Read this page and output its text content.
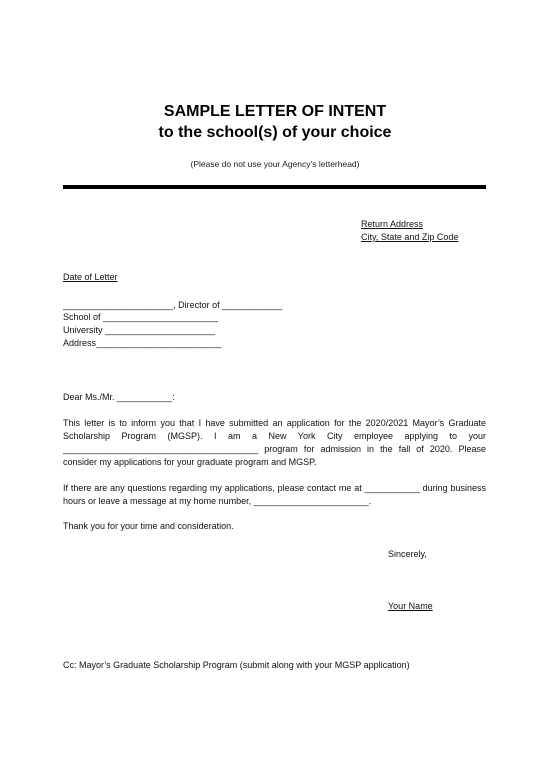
SAMPLE LETTER OF INTENT
to the school(s) of your choice
(Please do not use your Agency’s letterhead)
Return Address
City, State and Zip Code
Date of Letter
______________________, Director of ____________
School of _______________________
University ______________________
Address_________________________
Dear Ms./Mr. ___________:
This letter is to inform you that I have submitted an application for the 2020/2021 Mayor’s Graduate Scholarship Program (MGSP). I am a New York City employee applying to your _______________________________________ program for admission in the fall of 2020. Please consider my applications for your graduate program and MGSP.
If there are any questions regarding my applications, please contact me at ___________ during business hours or leave a message at my home number, _______________________.
Thank you for your time and consideration.
Sincerely,
Your Name
Cc: Mayor’s Graduate Scholarship Program (submit along with your MGSP application)
